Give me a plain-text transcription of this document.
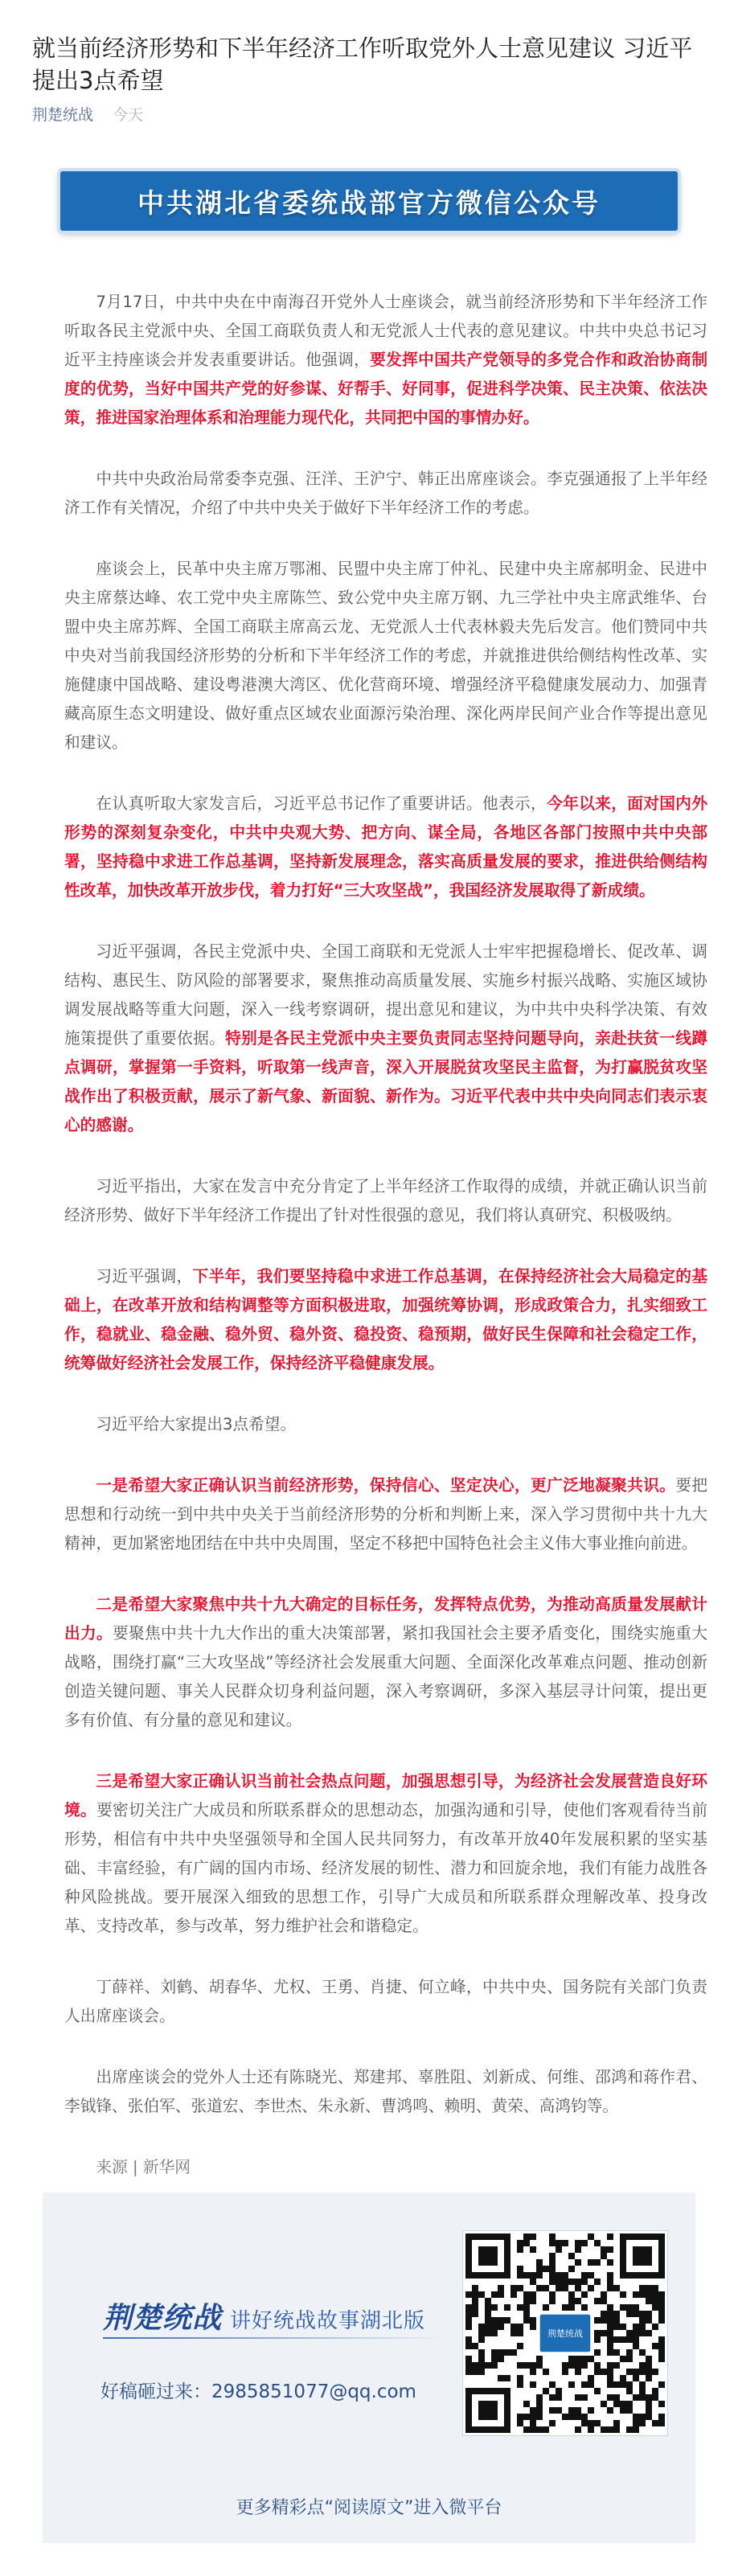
就当前经济形势和下半年经济工作听取党外人士意见建议 习近平提出3点希望
荆楚统战 今天
中共湖北省委统战部官方微信公众号

7月17日，中共中央在中南海召开党外人士座谈会，就当前经济形势和下半年经济工作听取各民主党派中央、全国工商联负责人和无党派人士代表的意见建议。中共中央总书记习近平主持座谈会并发表重要讲话。他强调，要发挥中国共产党领导的多党合作和政治协商制度的优势，当好中国共产党的好参谋、好帮手、好同事，促进科学决策、民主决策、依法决策，推进国家治理体系和治理能力现代化，共同把中国的事情办好。

中共中央政治局常委李克强、汪洋、王沪宁、韩正出席座谈会。李克强通报了上半年经济工作有关情况，介绍了中共中央关于做好下半年经济工作的考虑。

座谈会上，民革中央主席万鄂湘、民盟中央主席丁仲礼、民建中央主席郝明金、民进中央主席蔡达峰、农工党中央主席陈竺、致公党中央主席万钢、九三学社中央主席武维华、台盟中央主席苏辉、全国工商联主席高云龙、无党派人士代表林毅夫先后发言。他们赞同中共中央对当前我国经济形势的分析和下半年经济工作的考虑，并就推进供给侧结构性改革、实施健康中国战略、建设粤港澳大湾区、优化营商环境、增强经济平稳健康发展动力、加强青藏高原生态文明建设、做好重点区域农业面源污染治理、深化两岸民间产业合作等提出意见和建议。

在认真听取大家发言后，习近平总书记作了重要讲话。他表示，今年以来，面对国内外形势的深刻复杂变化，中共中央观大势、把方向、谋全局，各地区各部门按照中共中央部署，坚持稳中求进工作总基调，坚持新发展理念，落实高质量发展的要求，推进供给侧结构性改革，加快改革开放步伐，着力打好“三大攻坚战”，我国经济发展取得了新成绩。

习近平强调，各民主党派中央、全国工商联和无党派人士牢牢把握稳增长、促改革、调结构、惠民生、防风险的部署要求，聚焦推动高质量发展、实施乡村振兴战略、实施区域协调发展战略等重大问题，深入一线考察调研，提出意见和建议，为中共中央科学决策、有效施策提供了重要依据。特别是各民主党派中央主要负责同志坚持问题导向，亲赴扶贫一线蹲点调研，掌握第一手资料，听取第一线声音，深入开展脱贫攻坚民主监督，为打赢脱贫攻坚战作出了积极贡献，展示了新气象、新面貌、新作为。习近平代表中共中央向同志们表示衷心的感谢。

习近平指出，大家在发言中充分肯定了上半年经济工作取得的成绩，并就正确认识当前经济形势、做好下半年经济工作提出了针对性很强的意见，我们将认真研究、积极吸纳。

习近平强调，下半年，我们要坚持稳中求进工作总基调，在保持经济社会大局稳定的基础上，在改革开放和结构调整等方面积极进取，加强统筹协调，形成政策合力，扎实细致工作，稳就业、稳金融、稳外贸、稳外资、稳投资、稳预期，做好民生保障和社会稳定工作，统筹做好经济社会发展工作，保持经济平稳健康发展。

习近平给大家提出3点希望。

一是希望大家正确认识当前经济形势，保持信心、坚定决心，更广泛地凝聚共识。要把思想和行动统一到中共中央关于当前经济形势的分析和判断上来，深入学习贯彻中共十九大精神，更加紧密地团结在中共中央周围，坚定不移把中国特色社会主义伟大事业推向前进。

二是希望大家聚焦中共十九大确定的目标任务，发挥特点优势，为推动高质量发展献计出力。要聚焦中共十九大作出的重大决策部署，紧扣我国社会主要矛盾变化，围绕实施重大战略，围绕打赢“三大攻坚战”等经济社会发展重大问题、全面深化改革难点问题、推动创新创造关键问题、事关人民群众切身利益问题，深入考察调研，多深入基层寻计问策，提出更多有价值、有分量的意见和建议。

三是希望大家正确认识当前社会热点问题，加强思想引导，为经济社会发展营造良好环境。要密切关注广大成员和所联系群众的思想动态，加强沟通和引导，使他们客观看待当前形势，相信有中共中央坚强领导和全国人民共同努力，有改革开放40年发展积累的坚实基础、丰富经验，有广阔的国内市场、经济发展的韧性、潜力和回旋余地，我们有能力战胜各种风险挑战。要开展深入细致的思想工作，引导广大成员和所联系群众理解改革、投身改革、支持改革，参与改革，努力维护社会和谐稳定。

丁薛祥、刘鹤、胡春华、尤权、王勇、肖捷、何立峰，中共中央、国务院有关部门负责人出席座谈会。

出席座谈会的党外人士还有陈晓光、郑建邦、辜胜阻、刘新成、何维、邵鸿和蒋作君、李钺锋、张伯军、张道宏、李世杰、朱永新、曹鸿鸣、赖明、黄荣、高鸿钧等。

来源 | 新华网

荆楚统战 讲好统战故事湖北版
好稿砸过来：2985851077@qq.com
更多精彩点“阅读原文”进入微平台
荆楚统战
